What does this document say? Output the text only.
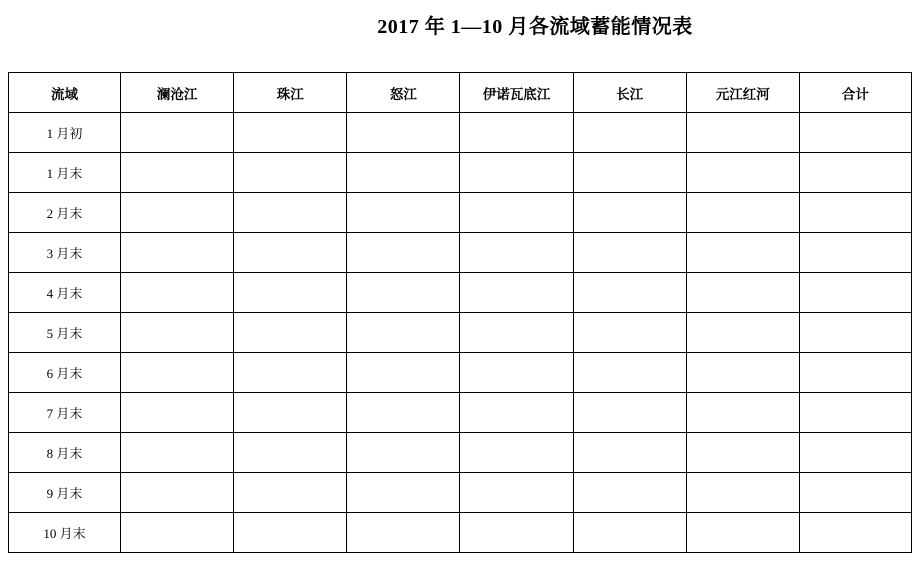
2017 年 1—10 月各流域蓄能情况表
流域	澜沧江	珠江	怒江	伊诺瓦底江	长江	元江红河	合计
1 月初							
1 月末							
2 月末							
3 月末							
4 月末							
5 月末							
6 月末							
7 月末							
8 月末							
9 月末							
10 月末							
